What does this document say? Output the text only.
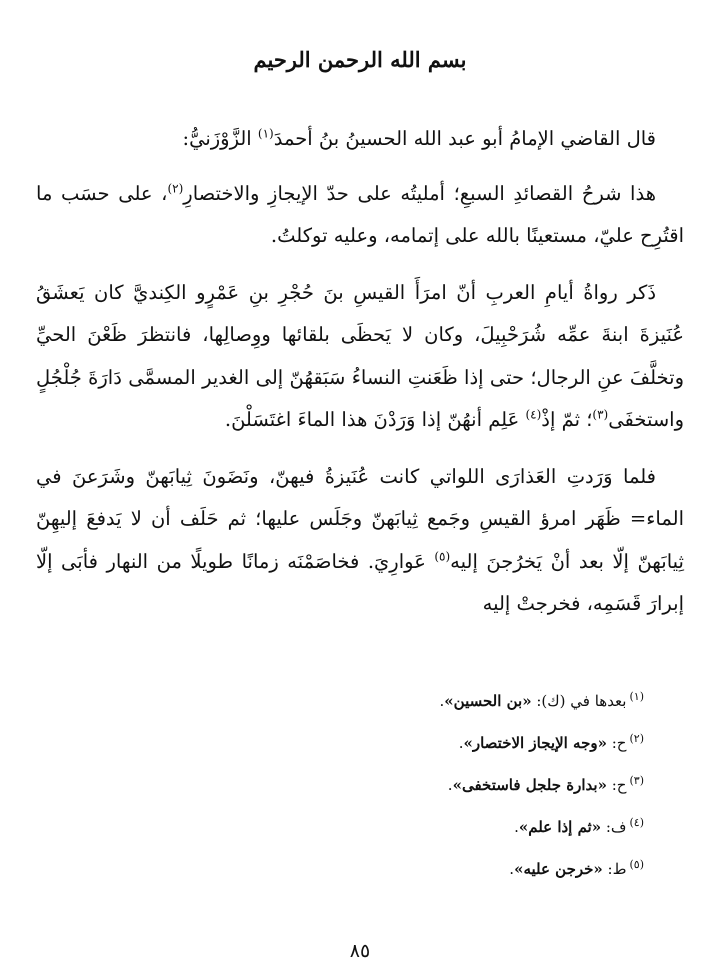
بسم الله الرحمن الرحيم

قال القاضي الإمامُ أبو عبد الله الحسينُ بنُ أحمدَ$^{(١)}$ الزَّوْزَنيُّ:

هذا شرحُ القصائدِ السبعِ؛ أمليتُه على حدّ الإيجازِ والاختصارِ$^{(٢)}$، على حسَب ما اقتُرِح عليّ، مستعينًا بالله على إتمامه، وعليه توكلتُ.

ذَكر رواةُ أيامِ العربِ أنّ امرَأَ القيسِ بنَ حُجْرِ بنِ عَمْرٍو الكِنديَّ كان يَعشَقُ عُنَيزةَ ابنةَ عمِّه شُرَحْبِيلَ، وكان لا يَحظَى بلقائها ووِصالِها، فانتظرَ ظَعْنَ الحيِّ وتخلَّفَ عنِ الرجال؛ حتى إذا ظَعَنتِ النساءُ سَبَقهُنّ إلى الغدير المسمَّى دَارَةَ جُلْجُلٍ واستخفَى$^{(٣)}$؛ ثمّ إذْ$^{(٤)}$ عَلِم أنهُنّ إذا وَرَدْنَ هذا الماءَ اغتَسَلْنَ.

فلما وَرَدتِ العَذارَى اللواتي كانت عُنَيزةُ فيهنّ، ونَضَونَ ثِيابَهنّ وشَرَعنَ في الماء= ظَهَر امرؤ القيسِ وجَمع ثِيابَهنّ وجَلَس عليها؛ ثم حَلَف أن لا يَدفعَ إليهِنّ ثِيابَهنّ إلّا بعد أنْ يَخرُجنَ إليه$^{(٥)}$ عَوارِيَ. فخاصَمْنَه زمانًا طويلًا من النهار فأبَى إلّا إبرارَ قَسَمِه، فخرجتْ إليه

$^{(١)}$بعدها في (ك): «بن الحسين».
$^{(٢)}$ح: «وجه الإيجاز الاختصار».
$^{(٣)}$ح: «بدارة جلجل فاستخفى».
$^{(٤)}$ف: «ثم إذا علم».
$^{(٥)}$ط: «خرجن عليه».
٨٥
